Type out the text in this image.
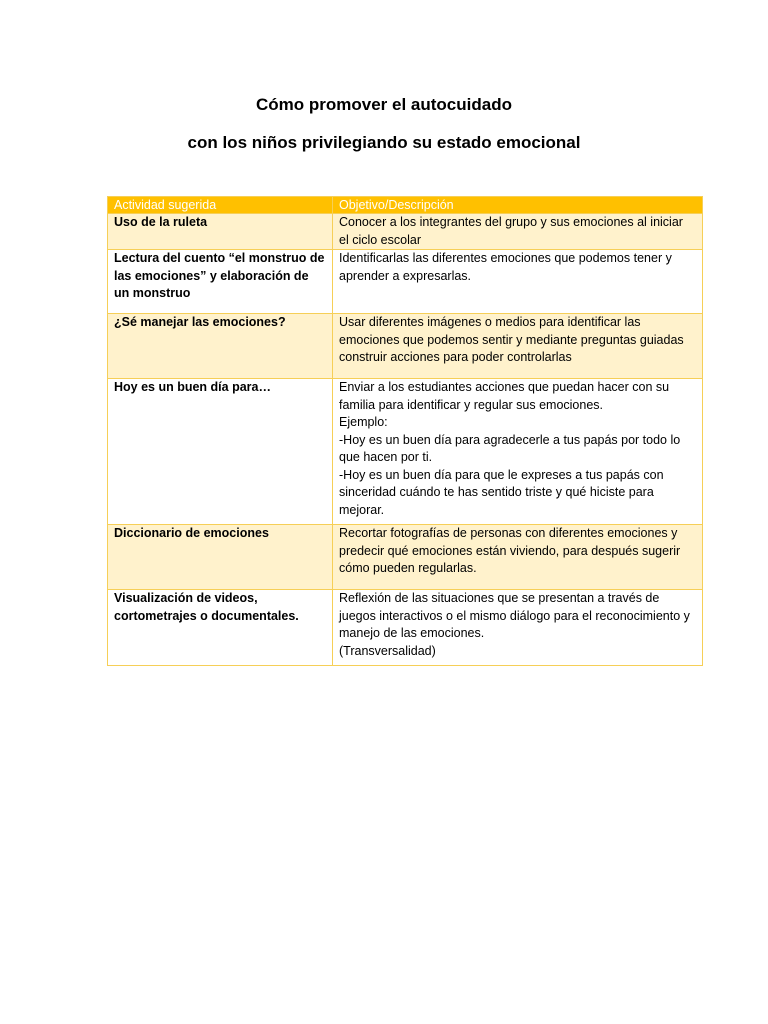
Cómo promover el autocuidado
con los niños privilegiando su estado emocional
Actividad sugerida	Objetivo/Descripción
Uso de la ruleta	Conocer a los integrantes del grupo y sus emociones al iniciar el ciclo escolar

Lectura del cuento “el monstruo de las emociones” y elaboración de un monstruo	Identificarlas las diferentes emociones que podemos tener y aprender a expresarlas.

¿Sé manejar las emociones?	Usar diferentes imágenes o medios para identificar las emociones que podemos sentir y mediante preguntas guiadas construir acciones para poder controlarlas

Hoy es un buen día para…	Enviar a los estudiantes acciones que puedan hacer con su familia para identificar y regular sus emociones.
Ejemplo:
-Hoy es un buen día para agradecerle a tus papás por todo lo que hacen por ti.
-Hoy es un buen día para que le expreses a tus papás con sinceridad cuándo te has sentido triste y qué hiciste para mejorar.

Diccionario de emociones	Recortar fotografías de personas con diferentes emociones y predecir qué emociones están viviendo, para después sugerir cómo pueden regularlas.

Visualización de videos, cortometrajes o documentales.	Reflexión de las situaciones que se presentan a través de juegos interactivos o el mismo diálogo para el reconocimiento y manejo de las emociones.
(Transversalidad)
